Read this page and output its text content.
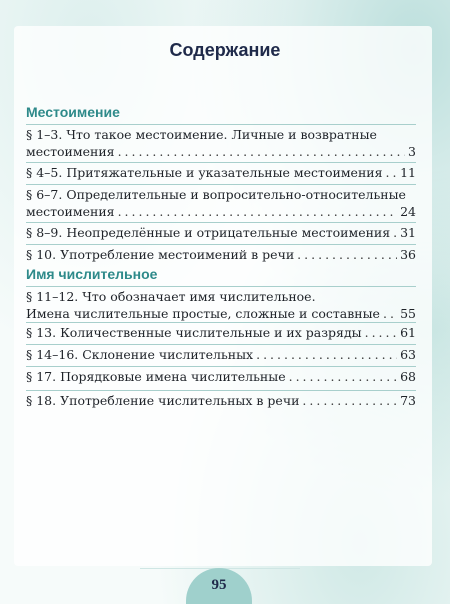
Содержание
Местоимение
§ 1–3. Что такое местоимение. Личные и возвратные
местоимения .....	3
§ 4–5. Притяжательные и указательные местоимения ..... 11
§ 6–7. Определительные и вопросительно-относительные
местоимения .....	24
§ 8–9. Неопределённые и отрицательные местоимения ..... 31
§ 10. Употребление местоимений в речи .....	36
Имя числительное
§ 11–12. Что обозначает имя числительное.
Имена числительные простые, сложные и составные ..... 55
§ 13. Количественные числительные и их разряды .....	61
§ 14–16. Склонение числительных .....	63
§ 17. Порядковые имена числительные .....	68
§ 18. Употребление числительных в речи .....	73
95
